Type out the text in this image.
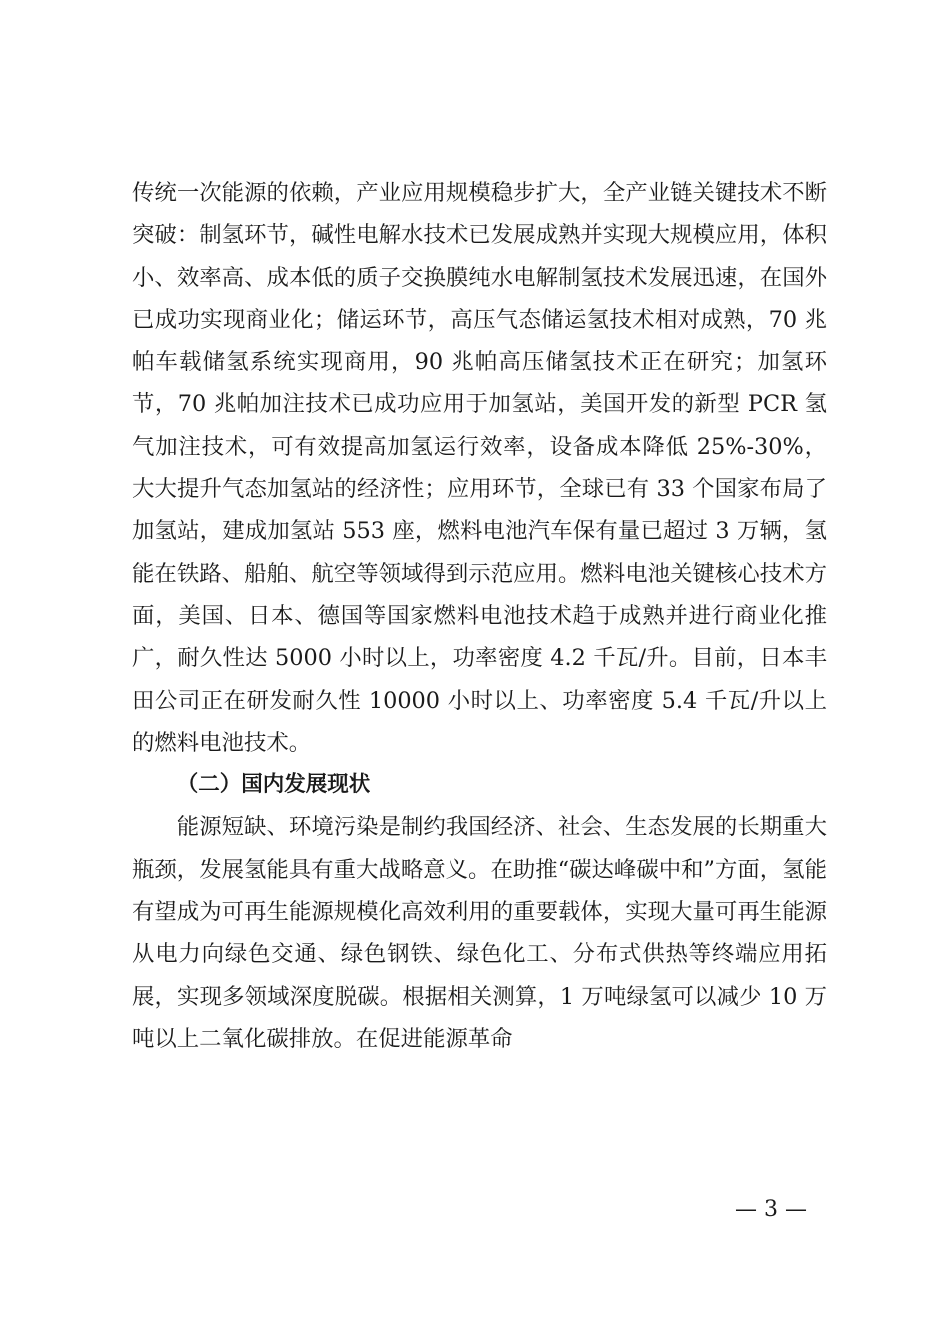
传统一次能源的依赖，产业应用规模稳步扩大，全产业链关键技术不断突破：制氢环节，碱性电解水技术已发展成熟并实现大规模应用，体积小、效率高、成本低的质子交换膜纯水电解制氢技术发展迅速，在国外已成功实现商业化；储运环节，高压气态储运氢技术相对成熟，70 兆帕车载储氢系统实现商用，90 兆帕高压储氢技术正在研究；加氢环节，70 兆帕加注技术已成功应用于加氢站，美国开发的新型 PCR 氢气加注技术，可有效提高加氢运行效率，设备成本降低 25%-30%，大大提升气态加氢站的经济性；应用环节，全球已有 33 个国家布局了加氢站，建成加氢站 553 座，燃料电池汽车保有量已超过 3 万辆，氢能在铁路、船舶、航空等领域得到示范应用。燃料电池关键核心技术方面，美国、日本、德国等国家燃料电池技术趋于成熟并进行商业化推广，耐久性达 5000 小时以上，功率密度 4.2 千瓦/升。目前，日本丰田公司正在研发耐久性 10000 小时以上、功率密度 5.4 千瓦/升以上的燃料电池技术。

（二）国内发展现状

能源短缺、环境污染是制约我国经济、社会、生态发展的长期重大瓶颈，发展氢能具有重大战略意义。在助推“碳达峰碳中和”方面，氢能有望成为可再生能源规模化高效利用的重要载体，实现大量可再生能源从电力向绿色交通、绿色钢铁、绿色化工、分布式供热等终端应用拓展，实现多领域深度脱碳。根据相关测算，1 万吨绿氢可以减少 10 万吨以上二氧化碳排放。在促进能源革命

— 3 —
